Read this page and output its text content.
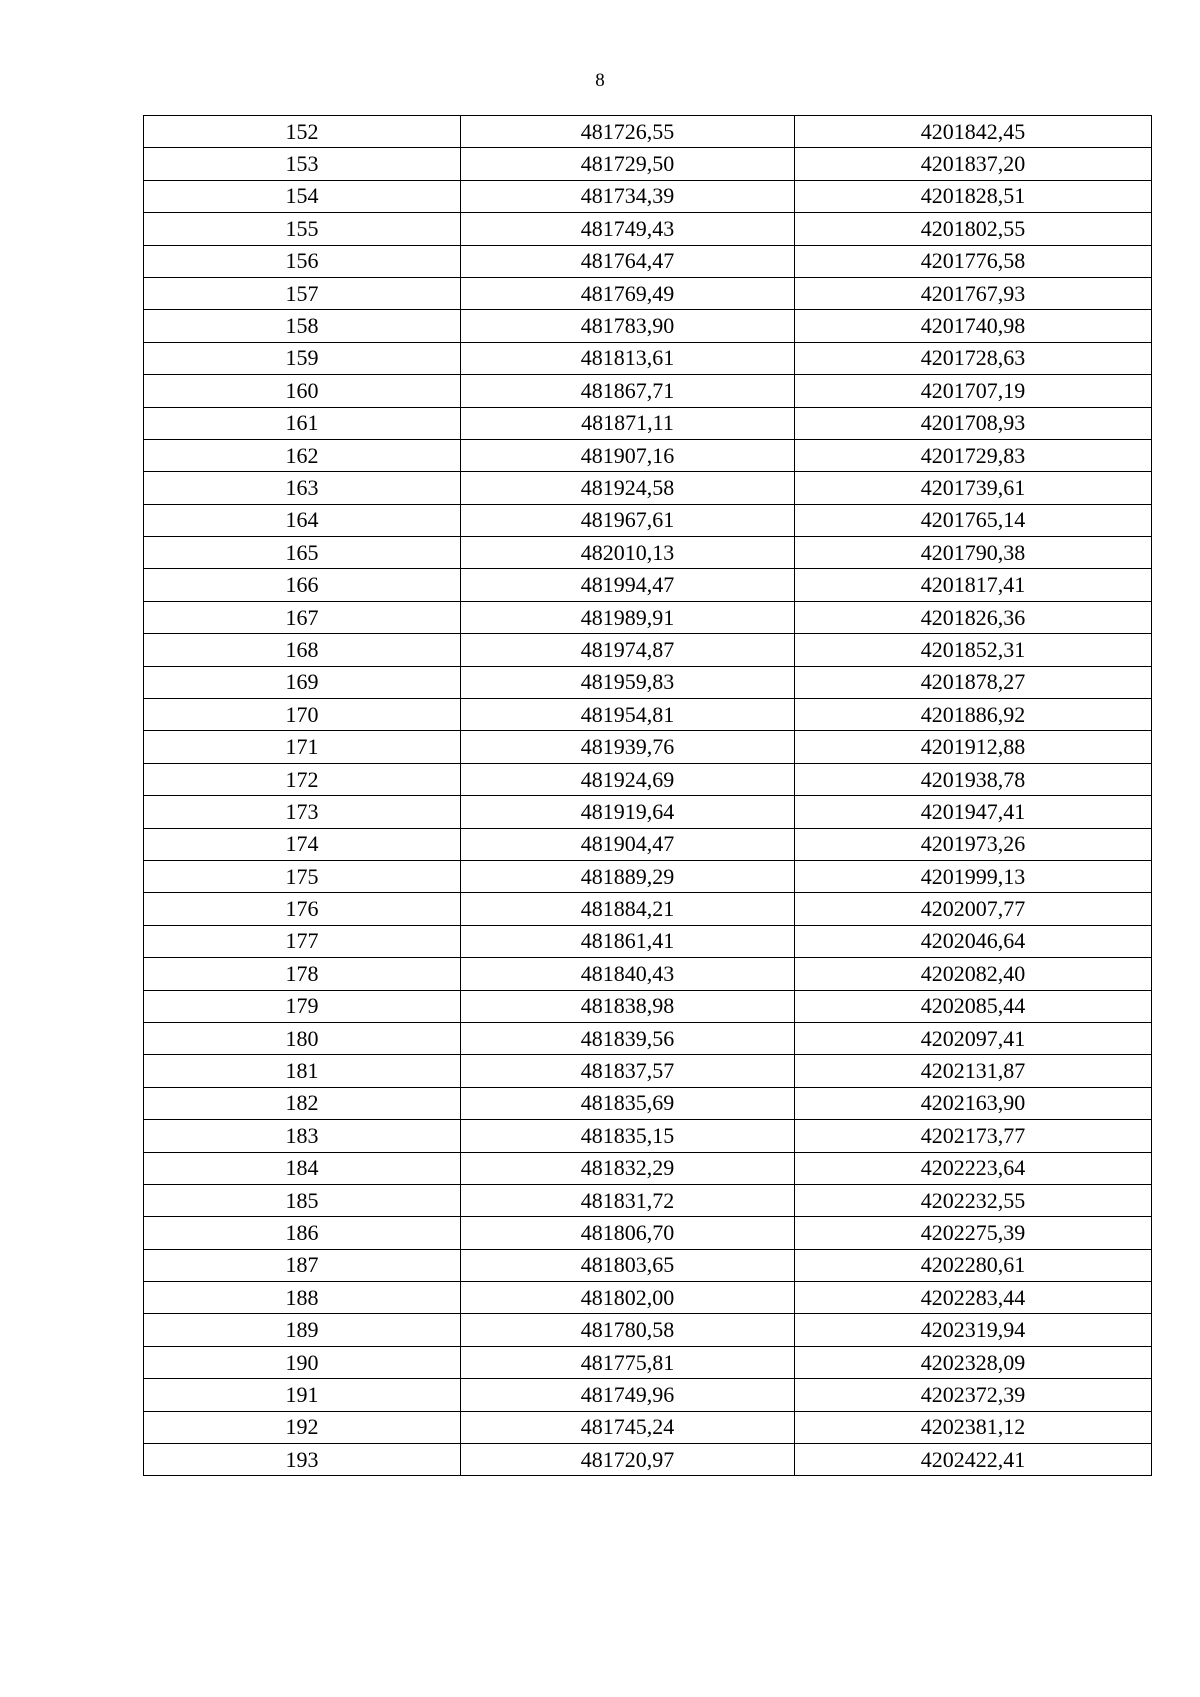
8
152	481726,55	4201842,45
153	481729,50	4201837,20
154	481734,39	4201828,51
155	481749,43	4201802,55
156	481764,47	4201776,58
157	481769,49	4201767,93
158	481783,90	4201740,98
159	481813,61	4201728,63
160	481867,71	4201707,19
161	481871,11	4201708,93
162	481907,16	4201729,83
163	481924,58	4201739,61
164	481967,61	4201765,14
165	482010,13	4201790,38
166	481994,47	4201817,41
167	481989,91	4201826,36
168	481974,87	4201852,31
169	481959,83	4201878,27
170	481954,81	4201886,92
171	481939,76	4201912,88
172	481924,69	4201938,78
173	481919,64	4201947,41
174	481904,47	4201973,26
175	481889,29	4201999,13
176	481884,21	4202007,77
177	481861,41	4202046,64
178	481840,43	4202082,40
179	481838,98	4202085,44
180	481839,56	4202097,41
181	481837,57	4202131,87
182	481835,69	4202163,90
183	481835,15	4202173,77
184	481832,29	4202223,64
185	481831,72	4202232,55
186	481806,70	4202275,39
187	481803,65	4202280,61
188	481802,00	4202283,44
189	481780,58	4202319,94
190	481775,81	4202328,09
191	481749,96	4202372,39
192	481745,24	4202381,12
193	481720,97	4202422,41
